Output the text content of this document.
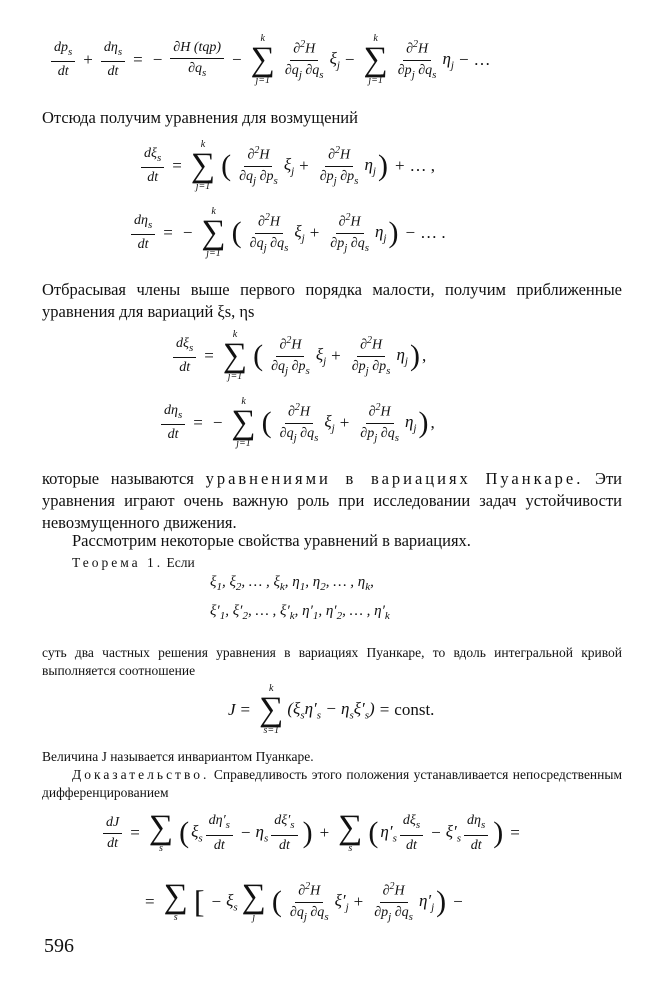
$\frac{dp_s}{dt} + \frac{d\eta_s}{dt}$ = − $\frac{\text{∂H (tqp)}}{\partial q_s}$ −
k
∑
$j=1 \frac{\partial^2H}{\partial q_j \partial q_s} \xi_j$ −
k
∑
$j=1 \frac{\partial^2H}{\partial p_j \partial q_s} \eta_j$ − …
Отсюда получим уравнения для возмущений
$\frac{d\xi_s}{dt}$ =
k
∑
j=1
( $\frac{\partial^2H}{\partial q_j \partial p_s} \xi_j + \frac{\partial^2H}{\partial p_j \partial p_s} \eta_j$ ) + … ,
$\frac{d\eta_s}{dt}$ = −
k
∑
j=1
( $\frac{\partial^2H}{\partial q_j \partial q_s} \xi_j + \frac{\partial^2H}{\partial p_j \partial q_s} \eta_j$ ) − … .
Отбрасывая члены выше первого порядка малости, получим приближенные уравнения для вариаций ξs, ηs
$\frac{d\xi_s}{dt}$ =
k
∑
j=1
( $\frac{\partial^2H}{\partial q_j \partial p_s} \xi_j + \frac{\partial^2H}{\partial p_j \partial p_s} \eta_j$ ) ,
$\frac{d\eta_s}{dt}$ = −
k
∑
j=1
( $\frac{\partial^2H}{\partial q_j \partial q_s} \xi_j + \frac{\partial^2H}{\partial p_j \partial q_s} \eta_j$ ) ,
которые называются уравнениями в вариациях Пуанкаре. Эти уравнения играют очень важную роль при исследовании задач устойчивости невозмущенного движения.
Рассмотрим некоторые свойства уравнений в вариациях.
Теорема 1. Если
$\xi_1$, $\xi_2$, … , $\xi_k$, $\eta_1$, $\eta_2$, … , $\eta_k$,
$\xi'_1$, $\xi'_2$, … , $\xi'_k$, $\eta'_1$, $\eta'_2$, … , $\eta'_k$
суть два частных решения уравнения в вариациях Пуанкаре, то вдоль интегральной кривой выполняется соотношение
J =
k
∑
s=1
$(\xi_s\eta'_s - \eta_s\xi'_s)$ = const.
Величина J называется инвариантом Пуанкаре.
Доказательство. Справедливость этого положения устанавливается непосредственным дифференцированием
$\frac{dJ}{dt}$ = ∑
s ( $\xi_s \frac{d\eta'_s}{dt} - \eta_s \frac{d\xi'_s}{dt}$ ) + ∑
s ( $\eta'_s \frac{d\xi_s}{dt} - \xi'_s \frac{d\eta_s}{dt}$ ) =
= ∑
s [ − $\xi_s$ ∑
j ( $\frac{\partial^2H}{\partial q_j \partial q_s} \xi'_j + \frac{\partial^2H}{\partial p_j \partial q_s} \eta'_j$ ) −
596
